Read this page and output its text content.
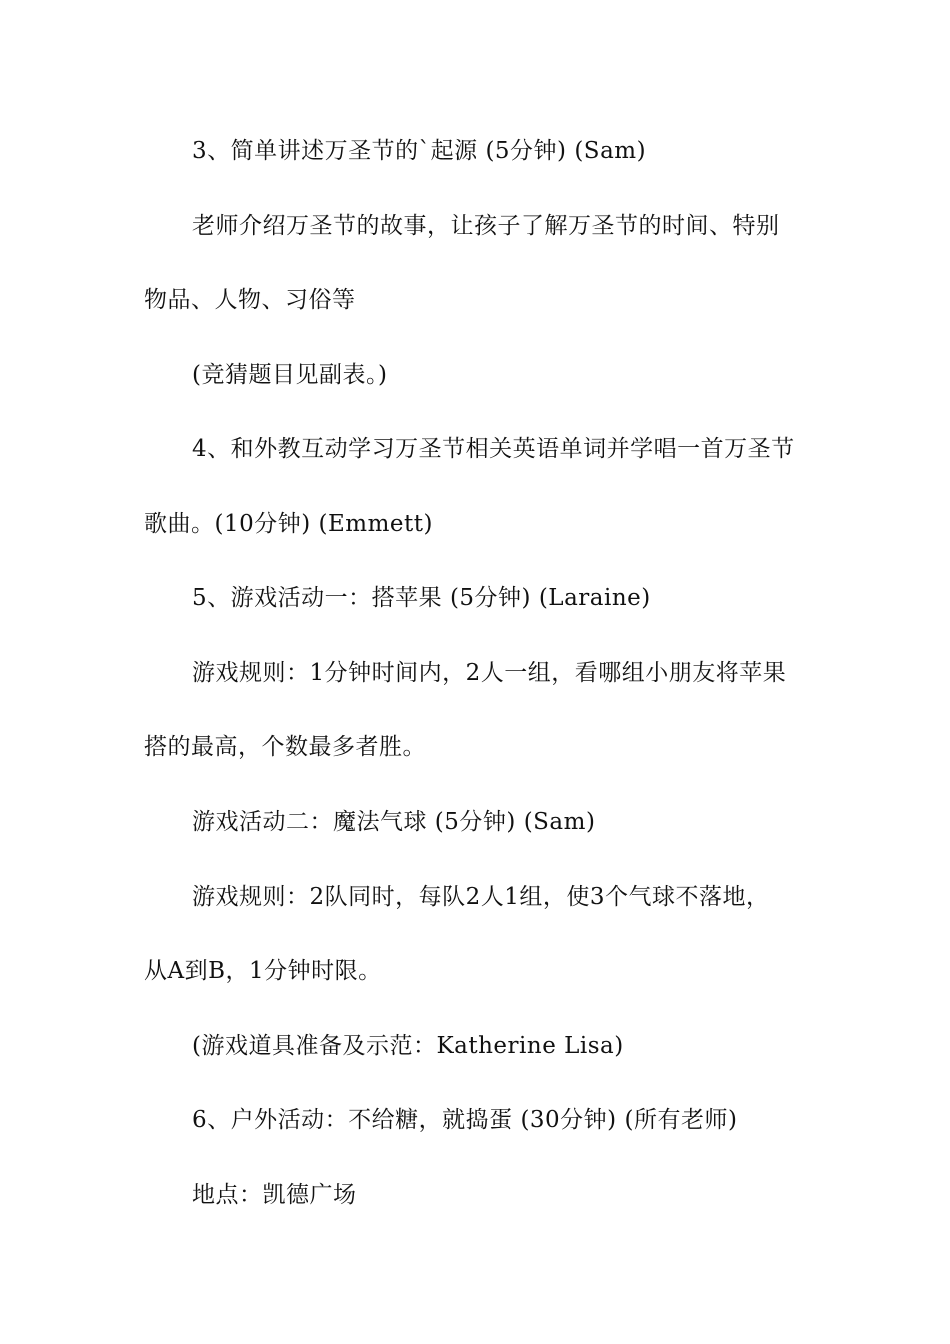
3、简单讲述万圣节的`起源 (5分钟) (Sam)
老师介绍万圣节的故事，让孩子了解万圣节的时间、特别
物品、人物、习俗等
(竞猜题目见副表。)
4、和外教互动学习万圣节相关英语单词并学唱一首万圣节
歌曲。(10分钟) (Emmett)
5、游戏活动一：搭苹果 (5分钟) (Laraine)
游戏规则：1分钟时间内，2人一组，看哪组小朋友将苹果
搭的最高，个数最多者胜。
游戏活动二：魔法气球 (5分钟) (Sam)
游戏规则：2队同时，每队2人1组，使3个气球不落地，
从A到B，1分钟时限。
(游戏道具准备及示范：Katherine Lisa)
6、户外活动：不给糖，就捣蛋 (30分钟) (所有老师)
地点：凯德广场
